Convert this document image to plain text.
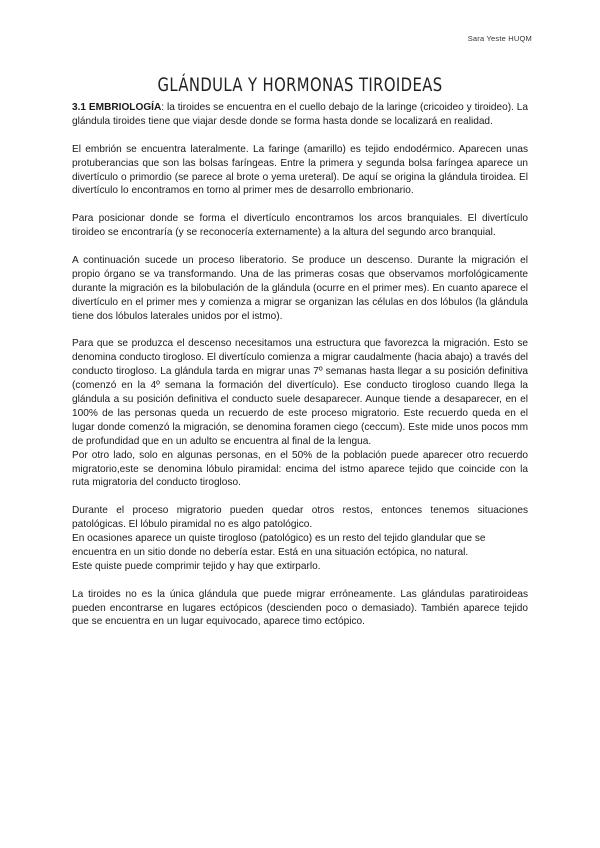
Sara Yeste HUQM
GLÁNDULA Y HORMONAS TIROIDEAS

3.1 EMBRIOLOGÍA: la tiroides se encuentra en el cuello debajo de la laringe (cricoideo y tiroideo). La glándula tiroides tiene que viajar desde donde se forma hasta donde se localizará en realidad.

El embrión se encuentra lateralmente. La faringe (amarillo) es tejido endodérmico. Aparecen unas protuberancias que son las bolsas faríngeas. Entre la primera y segunda bolsa faríngea aparece un divertículo o primordio (se parece al brote o yema ureteral). De aquí se origina la glándula tiroidea. El divertículo lo encontramos en torno al primer mes de desarrollo embrionario.

Para posicionar donde se forma el divertículo encontramos los arcos branquiales. El divertículo tiroideo se encontraría (y se reconocería externamente) a la altura del segundo arco branquial.

A continuación sucede un proceso liberatorio. Se produce un descenso. Durante la migración el propio órgano se va transformando. Una de las primeras cosas que observamos morfológicamente durante la migración es la bilobulación de la glándula (ocurre en el primer mes). En cuanto aparece el divertículo en el primer mes y comienza a migrar se organizan las células en dos lóbulos (la glándula tiene dos lóbulos laterales unidos por el istmo).

Para que se produzca el descenso necesitamos una estructura que favorezca la migración. Esto se denomina conducto tirogloso. El divertículo comienza a migrar caudalmente (hacia abajo) a través del conducto tirogloso. La glándula tarda en migrar unas 7º semanas hasta llegar a su posición definitiva (comenzó en la 4º semana la formación del divertículo). Ese conducto tirogloso cuando llega la glándula a su posición definitiva el conducto suele desaparecer. Aunque tiende a desaparecer, en el 100% de las personas queda un recuerdo de este proceso migratorio. Este recuerdo queda en el lugar donde comenzó la migración, se denomina foramen ciego (ceccum). Este mide unos pocos mm de profundidad que en un adulto se encuentra al final de la lengua.

Por otro lado, solo en algunas personas, en el 50% de la población puede aparecer otro recuerdo migratorio,este se denomina lóbulo piramidal: encima del istmo aparece tejido que coincide con la ruta migratoria del conducto tirogloso.

Durante el proceso migratorio pueden quedar otros restos, entonces tenemos situaciones patológicas. El lóbulo piramidal no es algo patológico.

En ocasiones aparece un quiste tirogloso (patológico) es un resto del tejido glandular que se encuentra en un sitio donde no debería estar. Está en una situación ectópica, no natural.

Este quiste puede comprimir tejido y hay que extirparlo.

La tiroides no es la única glándula que puede migrar erróneamente. Las glándulas paratiroideas pueden encontrarse en lugares ectópicos (descienden poco o demasiado). También aparece tejido que se encuentra en un lugar equivocado, aparece timo ectópico.
